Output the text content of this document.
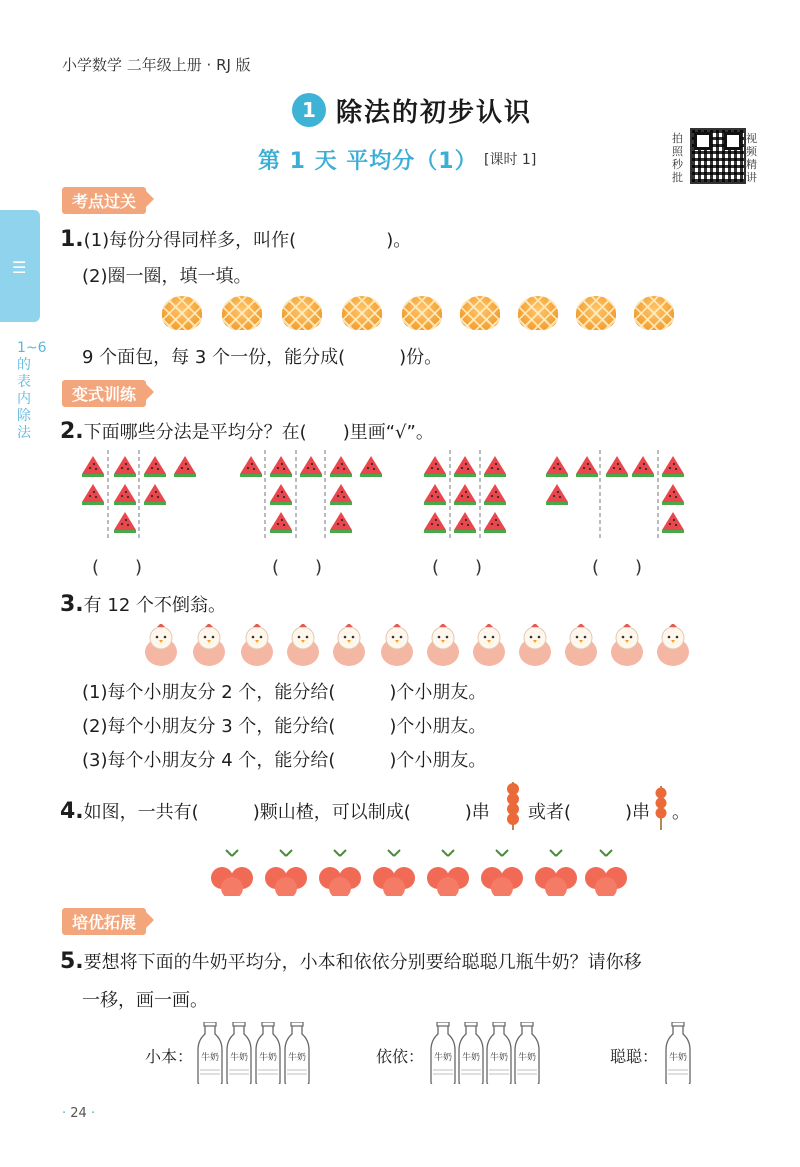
小学数学 二年级上册 · RJ 版
1 除法的初步认识
第 1 天 平均分（1） [课时 1]
拍照秒批
视频精讲
☰
1~6的表内除法
考点过关
1.(1)每份分得同样多，叫作(　　　　　)。
(2)圈一圈，填一填。
9 个面包，每 3 个一份，能分成(　　　)份。
变式训练
2.下面哪些分法是平均分？在(　　)里画“√”。
(　　)	(　　)	(　　)	(　　)
3.有 12 个不倒翁。
(1)每个小朋友分 2 个，能分给(　　　)个小朋友。
(2)每个小朋友分 3 个，能分给(　　　)个小朋友。
(3)每个小朋友分 4 个，能分给(　　　)个小朋友。
4.如图，一共有(　　　)颗山楂，可以制成(　　　)串 或者(　　　)串 。
培优拓展
5.要想将下面的牛奶平均分，小本和依依分别要给聪聪几瓶牛奶？请你移
一移，画一画。
小本：	依依：	聪聪：
牛奶 牛奶 牛奶 牛奶	牛奶 牛奶 牛奶 牛奶	牛奶
· 24 ·
